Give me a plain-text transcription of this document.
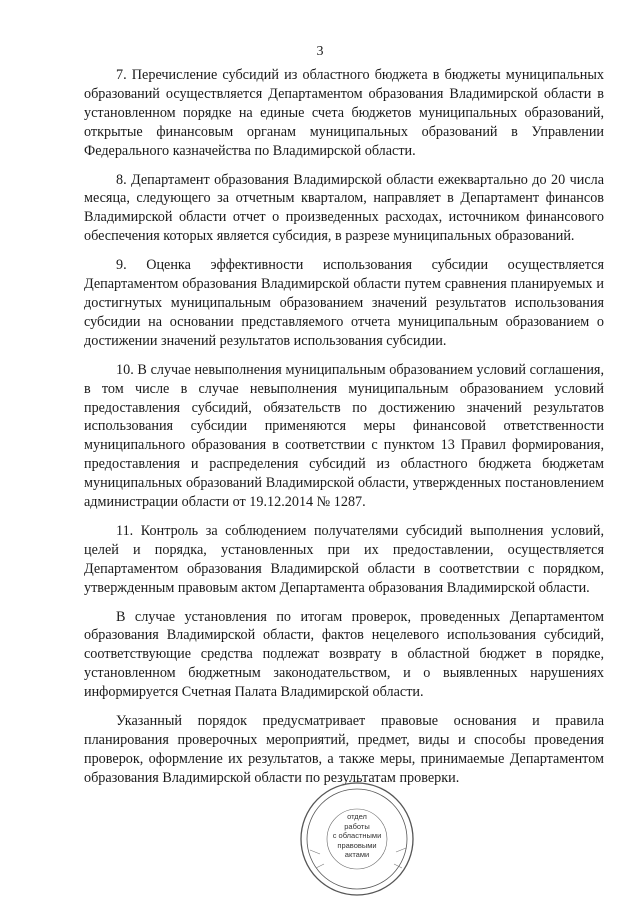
3

7. Перечисление субсидий из областного бюджета в бюджеты муниципальных образований осуществляется Департаментом образования Владимирской области в установленном порядке на единые счета бюджетов муниципальных образований, открытые финансовым органам муниципальных образований в Управлении Федерального казначейства по Владимирской области.

8. Департамент образования Владимирской области ежеквартально до 20 числа месяца, следующего за отчетным кварталом, направляет в Департамент финансов Владимирской области отчет о произведенных расходах, источником финансового обеспечения которых является субсидия, в разрезе муниципальных образований.

9. Оценка эффективности использования субсидии осуществляется Департаментом образования Владимирской области путем сравнения планируемых и достигнутых муниципальным образованием значений результатов использования субсидии на основании представляемого отчета муниципальным образованием о достижении значений результатов использования субсидии.

10. В случае невыполнения муниципальным образованием условий соглашения, в том числе в случае невыполнения муниципальным образованием условий предоставления субсидий, обязательств по достижению значений результатов использования субсидии применяются меры финансовой ответственности муниципального образования в соответствии с пунктом 13 Правил формирования, предоставления и распределения субсидий из областного бюджета бюджетам муниципальных образований Владимирской области, утвержденных постановлением администрации области от 19.12.2014 № 1287.

11. Контроль за соблюдением получателями субсидий выполнения условий, целей и порядка, установленных при их предоставлении, осуществляется Департаментом образования Владимирской области в соответствии с порядком, утвержденным правовым актом Департамента образования Владимирской области.

В случае установления по итогам проверок, проведенных Департаментом образования Владимирской области, фактов нецелевого использования субсидий, соответствующие средства подлежат возврату в областной бюджет в порядке, установленном бюджетным законодательством, и о выявленных нарушениях информируется Счетная Палата Владимирской области.

Указанный порядок предусматривает правовые основания и правила планирования проверочных мероприятий, предмет, виды и способы проведения проверок, оформление их результатов, а также меры, принимаемые Департаментом образования Владимирской области по результатам проверки.

отдел
работы
с областными
правовыми
актами
